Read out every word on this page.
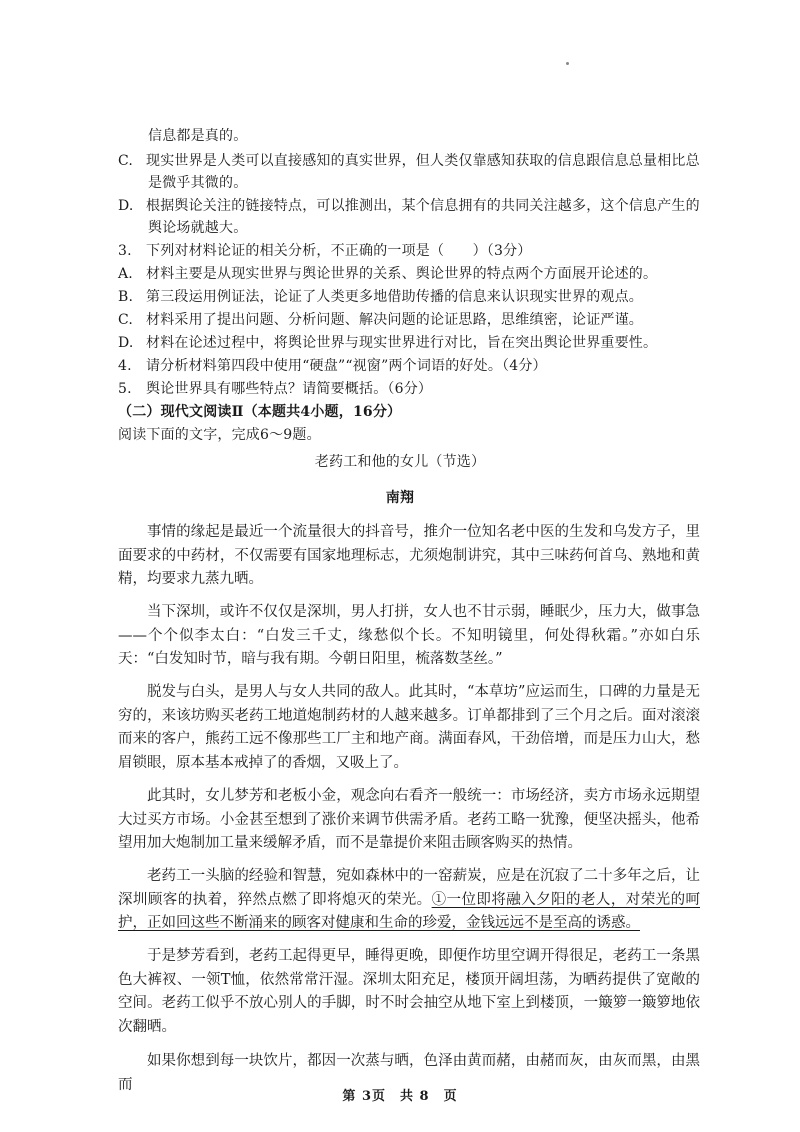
信息都是真的。
C. 现实世界是人类可以直接感知的真实世界，但人类仅靠感知获取的信息跟信息总量相比总
是微乎其微的。
D. 根据舆论关注的链接特点，可以推测出，某个信息拥有的共同关注越多，这个信息产生的
舆论场就越大。
3. 下列对材料论证的相关分析，不正确的一项是（　　）（3分）
A. 材料主要是从现实世界与舆论世界的关系、舆论世界的特点两个方面展开论述的。
B. 第三段运用例证法，论证了人类更多地借助传播的信息来认识现实世界的观点。
C. 材料采用了提出问题、分析问题、解决问题的论证思路，思维缜密，论证严谨。
D. 材料在论述过程中，将舆论世界与现实世界进行对比，旨在突出舆论世界重要性。
4. 请分析材料第四段中使用“硬盘”“视窗”两个词语的好处。（4分）
5. 舆论世界具有哪些特点？请简要概括。（6分）
（二）现代文阅读Ⅱ（本题共4小题，16分）
阅读下面的文字，完成6～9题。
老药工和他的女儿（节选）
南翔
事情的缘起是最近一个流量很大的抖音号，推介一位知名老中医的生发和乌发方子，里面要求的中药材，不仅需要有国家地理标志，尤须炮制讲究，其中三味药何首乌、熟地和黄精，均要求九蒸九晒。
当下深圳，或许不仅仅是深圳，男人打拼，女人也不甘示弱，睡眠少，压力大，做事急——个个似李太白：“白发三千丈，缘愁似个长。不知明镜里，何处得秋霜。”亦如白乐天：“白发知时节，暗与我有期。今朝日阳里，梳落数茎丝。”
脱发与白头，是男人与女人共同的敌人。此其时，“本草坊”应运而生，口碑的力量是无穷的，来该坊购买老药工地道炮制药材的人越来越多。订单都排到了三个月之后。面对滚滚而来的客户，熊药工远不像那些工厂主和地产商。满面春风，干劲倍增，而是压力山大，愁眉锁眼，原本基本戒掉了的香烟，又吸上了。
此其时，女儿梦芳和老板小金，观念向右看齐一般统一：市场经济，卖方市场永远期望大过买方市场。小金甚至想到了涨价来调节供需矛盾。老药工略一犹豫，便坚决摇头，他希望用加大炮制加工量来缓解矛盾，而不是靠提价来阻击顾客购买的热情。
老药工一头脑的经验和智慧，宛如森林中的一窑薪炭，应是在沉寂了二十多年之后，让深圳顾客的执着，猝然点燃了即将熄灭的荣光。①一位即将融入夕阳的老人，对荣光的呵护，正如回这些不断涌来的顾客对健康和生命的珍爱，金钱远远不是至高的诱惑。
于是梦芳看到，老药工起得更早，睡得更晚，即便作坊里空调开得很足，老药工一条黑色大裤衩、一领T恤，依然常常汗湿。深圳太阳充足，楼顶开阔坦荡，为晒药提供了宽敞的空间。老药工似乎不放心别人的手脚，时不时会抽空从地下室上到楼顶，一簸箩一簸箩地依次翻晒。
如果你想到每一块饮片，都因一次蒸与晒，色泽由黄而赭，由赭而灰，由灰而黑，由黑而
第 3页　共 8　页
